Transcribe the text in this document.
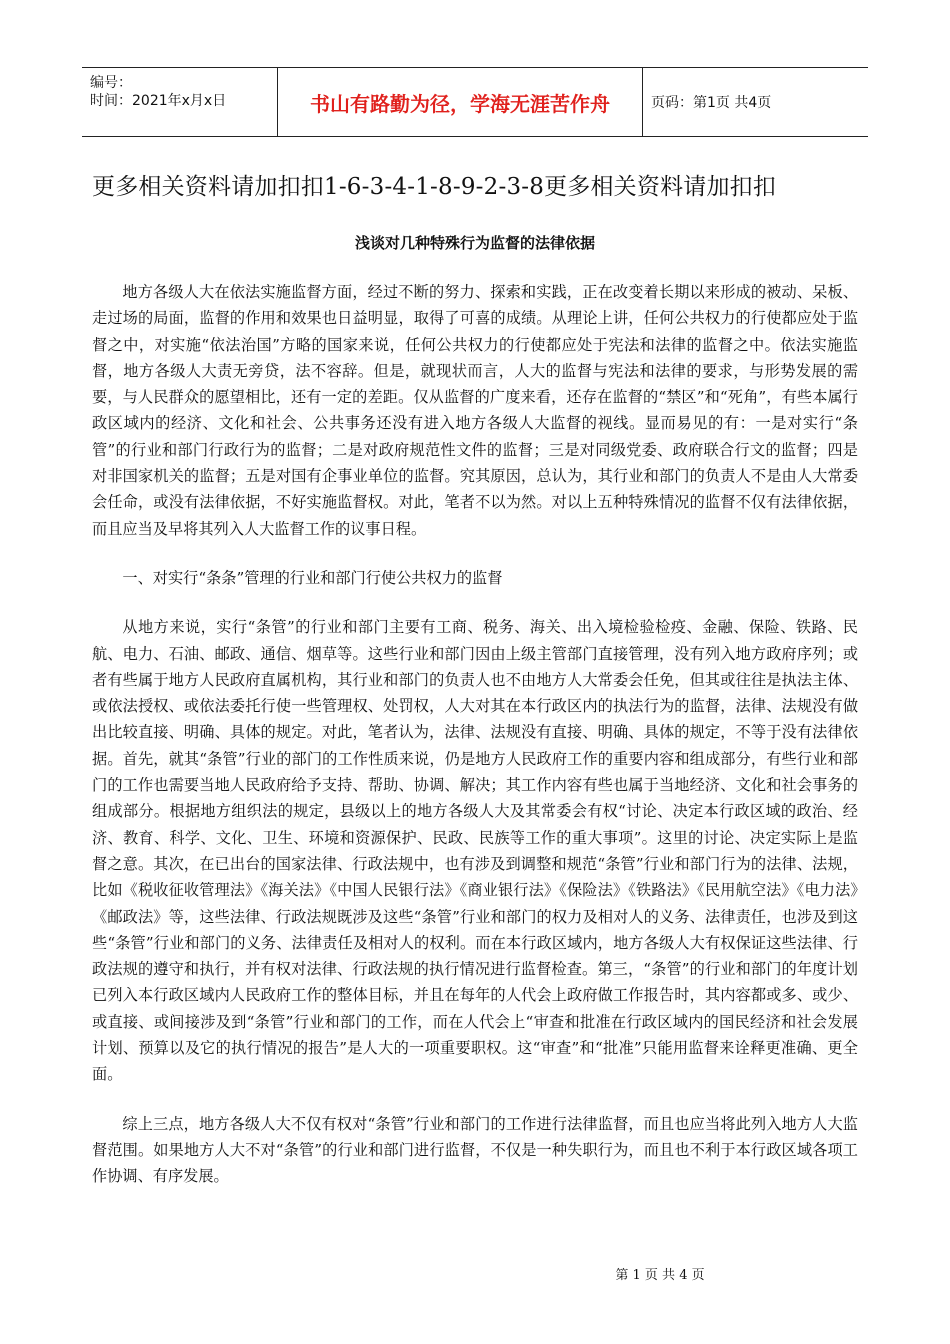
编号：
时间：2021年x月x日	书山有路勤为径，学海无涯苦作舟	页码：第1页 共4页
更多相关资料请加扣扣1-6-3-4-1-8-9-2-3-8更多相关资料请加扣扣
浅谈对几种特殊行为监督的法律依据

地方各级人大在依法实施监督方面，经过不断的努力、探索和实践，正在改变着长期以来形成的被动、呆板、走过场的局面，监督的作用和效果也日益明显，取得了可喜的成绩。从理论上讲，任何公共权力的行使都应处于监督之中，对实施“依法治国”方略的国家来说，任何公共权力的行使都应处于宪法和法律的监督之中。依法实施监督，地方各级人大责无旁贷，法不容辞。但是，就现状而言，人大的监督与宪法和法律的要求，与形势发展的需要，与人民群众的愿望相比，还有一定的差距。仅从监督的广度来看，还存在监督的“禁区”和“死角”，有些本属行政区域内的经济、文化和社会、公共事务还没有进入地方各级人大监督的视线。显而易见的有：一是对实行“条管”的行业和部门行政行为的监督；二是对政府规范性文件的监督；三是对同级党委、政府联合行文的监督；四是对非国家机关的监督；五是对国有企事业单位的监督。究其原因，总认为，其行业和部门的负责人不是由人大常委会任命，或没有法律依据，不好实施监督权。对此，笔者不以为然。对以上五种特殊情况的监督不仅有法律依据，而且应当及早将其列入人大监督工作的议事日程。

一、对实行“条条”管理的行业和部门行使公共权力的监督

从地方来说，实行“条管”的行业和部门主要有工商、税务、海关、出入境检验检疫、金融、保险、铁路、民航、电力、石油、邮政、通信、烟草等。这些行业和部门因由上级主管部门直接管理，没有列入地方政府序列；或者有些属于地方人民政府直属机构，其行业和部门的负责人也不由地方人大常委会任免，但其或往往是执法主体、或依法授权、或依法委托行使一些管理权、处罚权，人大对其在本行政区内的执法行为的监督，法律、法规没有做出比较直接、明确、具体的规定。对此，笔者认为，法律、法规没有直接、明确、具体的规定，不等于没有法律依据。首先，就其“条管”行业的部门的工作性质来说，仍是地方人民政府工作的重要内容和组成部分，有些行业和部门的工作也需要当地人民政府给予支持、帮助、协调、解决；其工作内容有些也属于当地经济、文化和社会事务的组成部分。根据地方组织法的规定，县级以上的地方各级人大及其常委会有权“讨论、决定本行政区域的政治、经济、教育、科学、文化、卫生、环境和资源保护、民政、民族等工作的重大事项”。这里的讨论、决定实际上是监督之意。其次，在已出台的国家法律、行政法规中，也有涉及到调整和规范“条管”行业和部门行为的法律、法规，比如《税收征收管理法》《海关法》《中国人民银行法》《商业银行法》《保险法》《铁路法》《民用航空法》《电力法》《邮政法》等，这些法律、行政法规既涉及这些“条管”行业和部门的权力及相对人的义务、法律责任，也涉及到这些“条管”行业和部门的义务、法律责任及相对人的权利。而在本行政区域内，地方各级人大有权保证这些法律、行政法规的遵守和执行，并有权对法律、行政法规的执行情况进行监督检查。第三，“条管”的行业和部门的年度计划已列入本行政区域内人民政府工作的整体目标，并且在每年的人代会上政府做工作报告时，其内容都或多、或少、或直接、或间接涉及到“条管”行业和部门的工作，而在人代会上“审查和批准在行政区域内的国民经济和社会发展计划、预算以及它的执行情况的报告”是人大的一项重要职权。这“审查”和“批准”只能用监督来诠释更准确、更全面。

综上三点，地方各级人大不仅有权对“条管”行业和部门的工作进行法律监督，而且也应当将此列入地方人大监督范围。如果地方人大不对“条管”的行业和部门进行监督，不仅是一种失职行为，而且也不利于本行政区域各项工作协调、有序发展。

第 1 页 共 4 页
